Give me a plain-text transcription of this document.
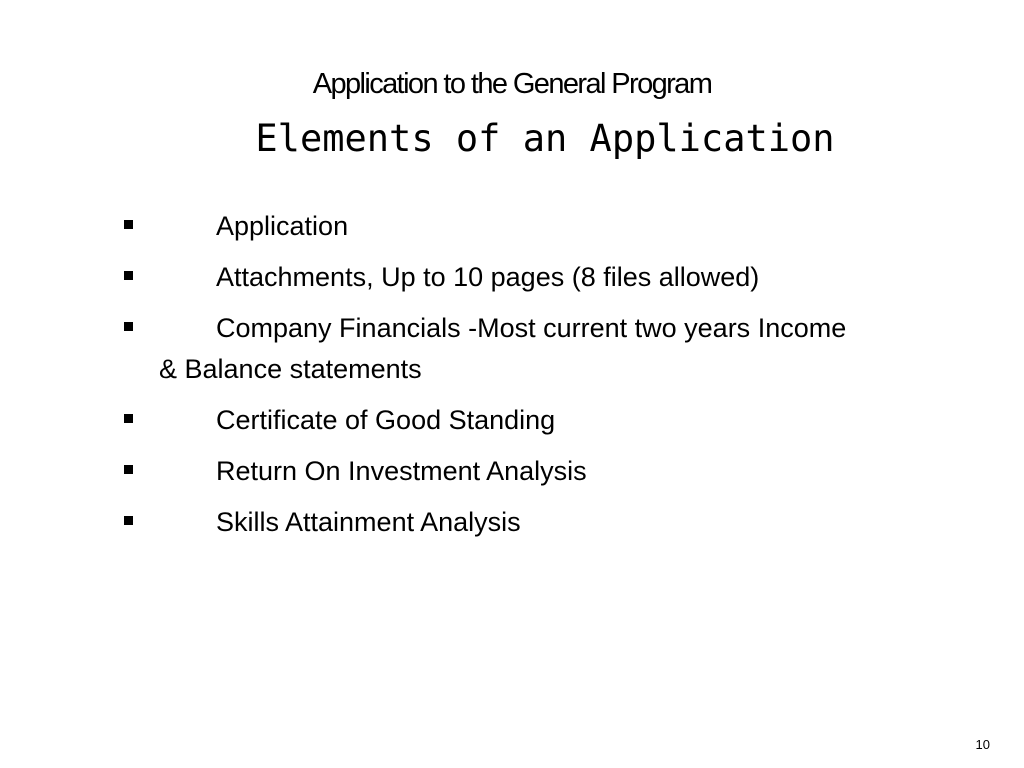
Application to the General Program
Elements of an Application
Application
Attachments, Up to 10 pages (8 files allowed)
Company Financials -Most current two years Income
& Balance statements
Certificate of Good Standing
Return On Investment Analysis
Skills Attainment Analysis
10
